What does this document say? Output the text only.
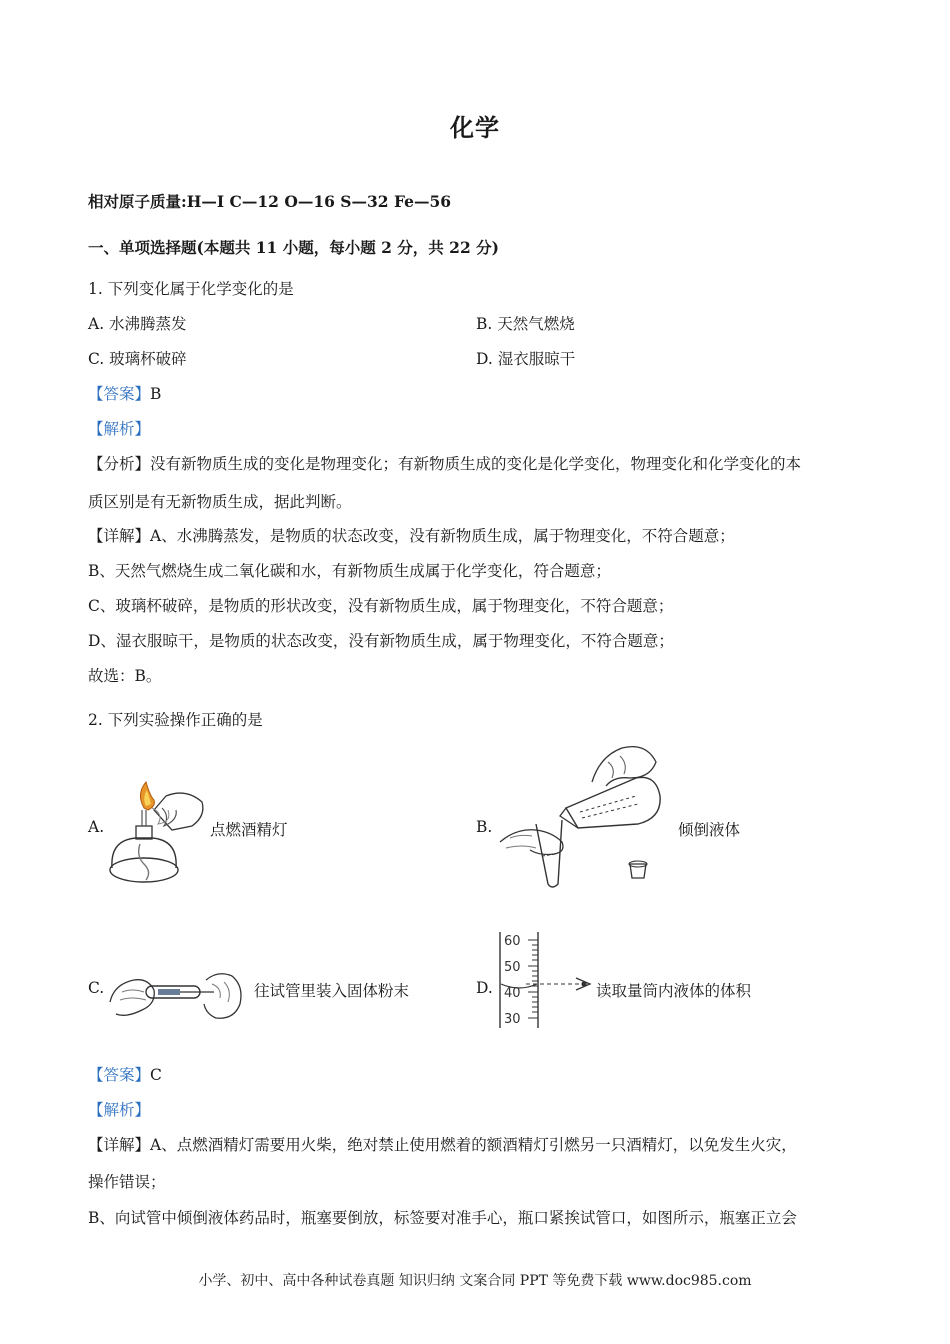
化学
相对原子质量:H—I C—12 O—16 S—32 Fe—56
一、单项选择题(本题共 11 小题，每小题 2 分，共 22 分)
1. 下列变化属于化学变化的是
A. 水沸腾蒸发	B. 天然气燃烧
C. 玻璃杯破碎	D. 湿衣服晾干
【答案】B
【解析】
【分析】没有新物质生成的变化是物理变化；有新物质生成的变化是化学变化，物理变化和化学变化的本
质区别是有无新物质生成，据此判断。
【详解】A、水沸腾蒸发，是物质的状态改变，没有新物质生成，属于物理变化，不符合题意；
B、天然气燃烧生成二氧化碳和水，有新物质生成属于化学变化，符合题意；
C、玻璃杯破碎，是物质的形状改变，没有新物质生成，属于物理变化，不符合题意；
D、湿衣服晾干，是物质的状态改变，没有新物质生成，属于物理变化，不符合题意；
故选：B。
2. 下列实验操作正确的是
A.	点燃酒精灯	B.	倾倒液体
C.	往试管里装入固体粉末	D.
60
50
40
30
读取量筒内液体的体积
【答案】C
【解析】
【详解】A、点燃酒精灯需要用火柴，绝对禁止使用燃着的额酒精灯引燃另一只酒精灯，以免发生火灾，
操作错误；
B、向试管中倾倒液体药品时，瓶塞要倒放，标签要对准手心，瓶口紧挨试管口，如图所示，瓶塞正立会
小学、初中、高中各种试卷真题 知识归纳 文案合同 PPT 等免费下载 www.doc985.com
